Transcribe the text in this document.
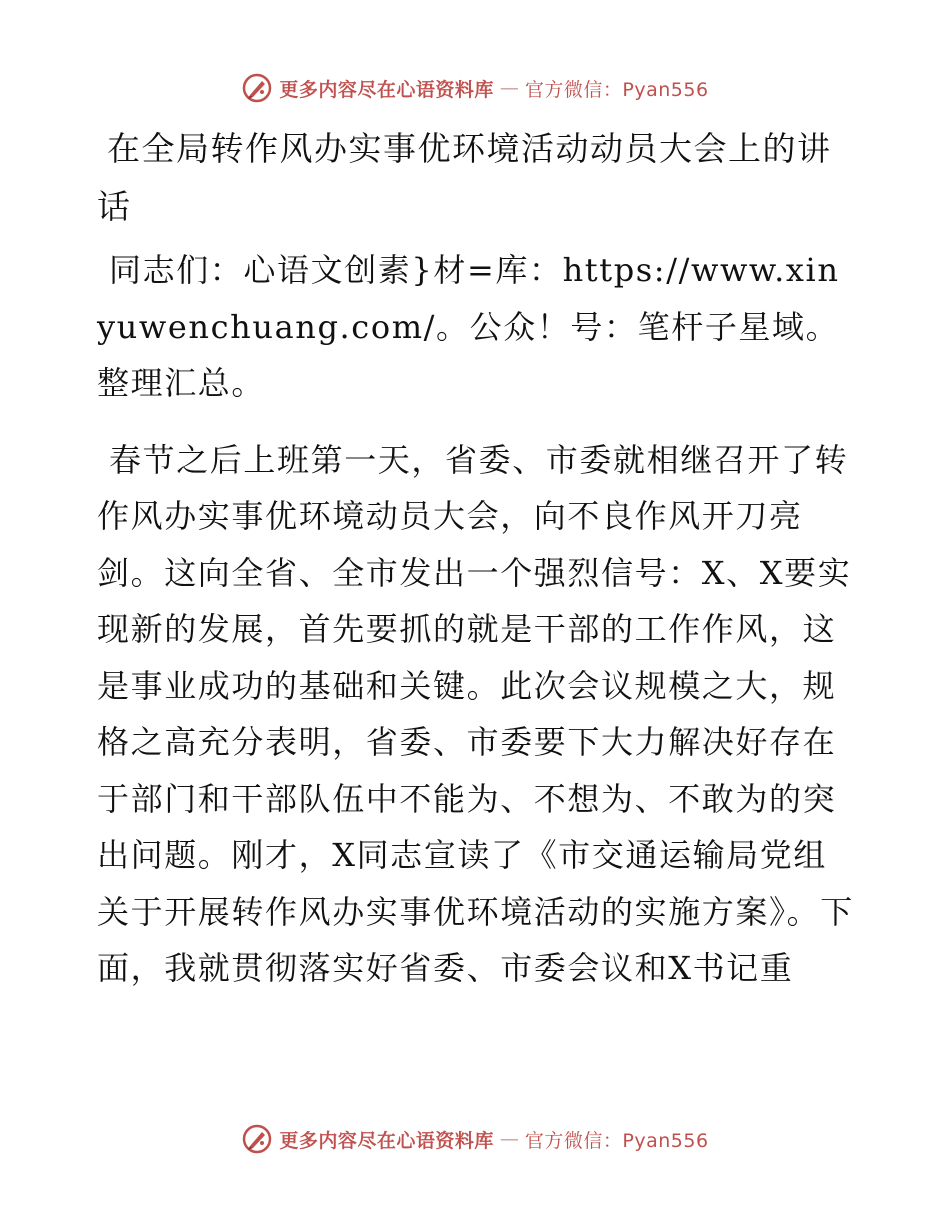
更多内容尽在心语资料库 — 官方微信：Pyan556
在全局转作风办实事优环境活动动员大会上的讲话

同志们：心语文创素}材=库：https://www.xinyuwenchuang.com/。公众！号：笔杆子星域。整理汇总。

春节之后上班第一天，省委、市委就相继召开了转作风办实事优环境动员大会，向不良作风开刀亮剑。这向全省、全市发出一个强烈信号：X、X要实现新的发展，首先要抓的就是干部的工作作风，这是事业成功的基础和关键。此次会议规模之大，规格之高充分表明，省委、市委要下大力解决好存在于部门和干部队伍中不能为、不想为、不敢为的突出问题。刚才，X同志宣读了《市交通运输局党组关于开展转作风办实事优环境活动的实施方案》。下面，我就贯彻落实好省委、市委会议和X书记重

更多内容尽在心语资料库 — 官方微信：Pyan556
